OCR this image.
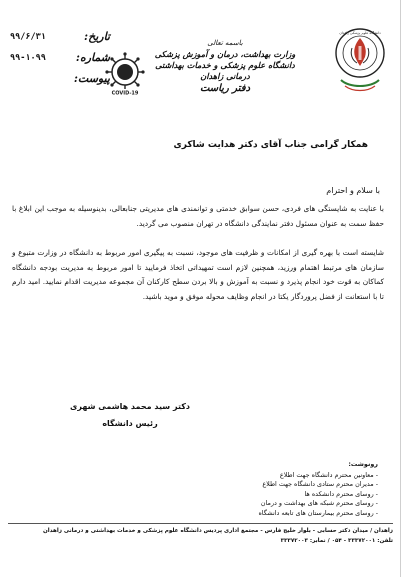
دانشگاه علوم پزشکی زاهدان
باسمه تعالی
وزارت بهداشت، درمان و آموزش پزشکی
دانشگاه علوم پزشکی و خدمات بهداشتی درمانی زاهدان
دفتر ریاست
COVID-19
تاریخ:
۹۹/۶/۳۱
شماره:
۹۹-۱۰۹۹
پیوست:
همکار گرامی جناب آقای دکتر هدایت شاکری
با سلام و احترام
با عنایت به شایستگی های فردی، حسن سوابق خدمتی و توانمندی های مدیریتی جنابعالی، بدینوسیله به موجب این ابلاغ با حفظ سمت به عنوان مسئول دفتر نمایندگی دانشگاه در تهران منصوب می گردید.
شایسته است با بهره گیری از امکانات و ظرفیت های موجود، نسبت به پیگیری امور مربوط به دانشگاه در وزارت متبوع و سازمان های مرتبط اهتمام ورزید، همچنین لازم است تمهیداتی اتخاذ فرمایید تا امور مربوط به مدیریت بودجه دانشگاه کماکان به قوت خود انجام پذیرد و نسبت به آموزش و بالا بردن سطح کارکنان آن مجموعه مدیریت اقدام نمایید. امید دارم تا با استعانت از فضل پروردگار یکتا در انجام وظایف محوله موفق و موید باشید.
دکتر سید محمد هاشمی شهری
رئیس دانشگاه
رونوشت:
- معاونین محترم دانشگاه جهت اطلاع
- مدیران محترم ستادی دانشگاه جهت اطلاع
- روسای محترم دانشکده ها
- روسای محترم شبکه های بهداشت و درمان
- روسای محترم بیمارستان های تابعه دانشگاه
زاهدان / میدان دکتر حسابی - بلوار خلیج فارس - مجتمع اداری پردیس دانشگاه علوم پزشکی و خدمات بهداشتی و درمانی زاهدان
تلفن: ۳۳۳۷۲۰۰۱ - ۰۵۴ / نمابر: ۳۳۳۷۲۰۰۳
